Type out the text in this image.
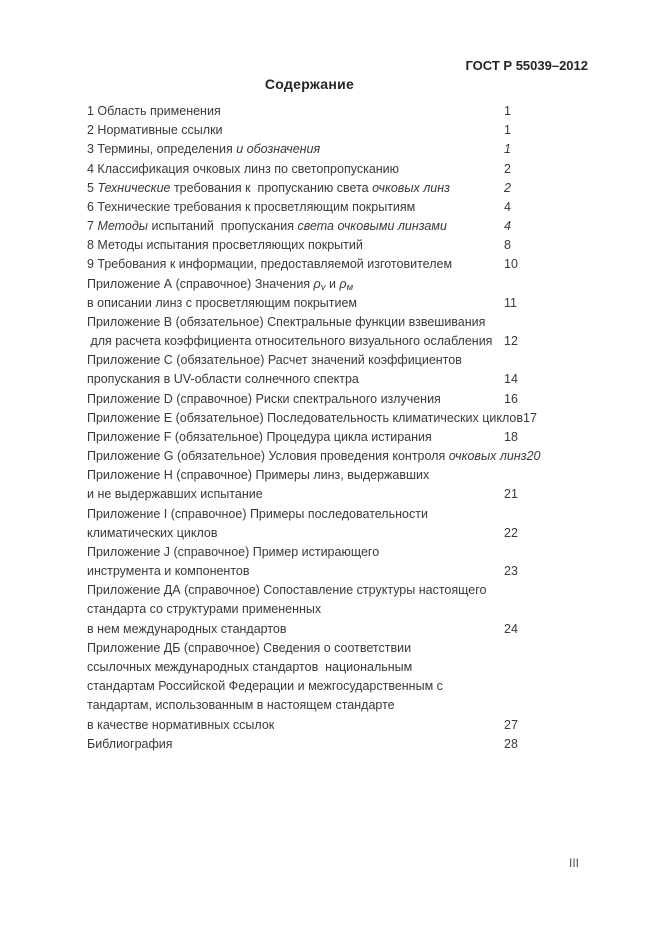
ГОСТ Р 55039–2012
Содержание
1 Область применения	1
2 Нормативные ссылки	1
3 Термины, определения и обозначения	1
4 Классификация очковых линз по светопропусканию	2
5 Технические требования к  пропусканию света очковых линз	2
6 Технические требования к просветляющим покрытиям	4
7 Методы испытаний  пропускания света очковыми линзами	4
8 Методы испытания просветляющих покрытий	8
9 Требования к информации, предоставляемой изготовителем	10
Приложение А (справочное) Значения ρv и ρм
в описании линз с просветляющим покрытием	11
Приложение B (обязательное) Спектральные функции взвешивания
для расчета коэффициента относительного визуального ослабления 12
Приложение C (обязательное) Расчет значений коэффициентов
пропускания в UV-области солнечного спектра	14
Приложение D (справочное) Риски спектрального излучения	16
Приложение E (обязательное) Последовательность климатических циклов 17
Приложение F (обязательное) Процедура цикла истирания	18
Приложение G (обязательное) Условия проведения контроля очковых линз 20
Приложение H (справочное) Примеры линз, выдержавших
и не выдержавших испытание	21
Приложение I (справочное) Примеры последовательности
климатических циклов	22
Приложение J (справочное) Пример истирающего
инструмента и компонентов	23
Приложение ДА (справочное) Сопоставление структуры настоящего
стандарта со структурами примененных
в нем международных стандартов	24
Приложение ДБ (справочное) Сведения о соответствии
ссылочных международных стандартов  национальным
стандартам Российской Федерации и межгосударственным с
тандартам, использованным в настоящем стандарте
в качестве нормативных ссылок	27
Библиография	28
III
